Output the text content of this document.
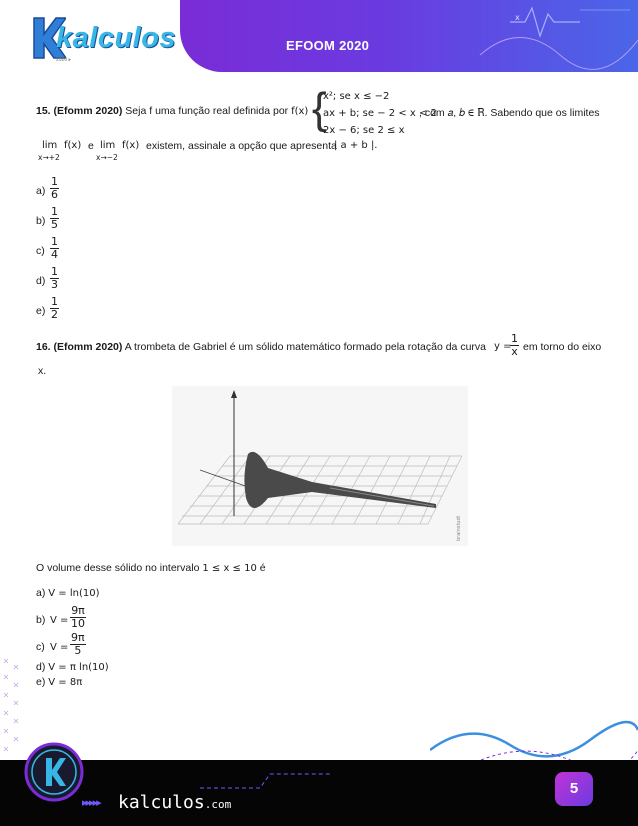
x
EFOOM 2020
kalculos
2020 ▸
15. (Efomm 2020) Seja f uma função real definida por f(x) =
{
x²; se x ≤ −2
ax + b; se − 2 < x < 2
, com 𝑎, 𝑏 ∈ ℝ. Sabendo que os limites
2x − 6; se 2 ≤ x
lim
x→+2
f(x) e lim
x→−2
f(x) existem, assinale a opção que apresenta
| a + b |.
$a) \frac{1}{6}$
$b) \frac{1}{5}$
$c) \frac{1}{4}$
$d) \frac{1}{3}$
$e) \frac{1}{2}$
16. (Efomm 2020) A trombeta de Gabriel é um sólido matemático formado pela rotação da curva y =
$\frac{1}{x}$ em torno do eixo
x.
brainstudi
O volume desse sólido no intervalo 1 ≤ x ≤ 10 é
a) V = ln(10)
b) $V = \frac{9\pi}{10}$
c) $V = \frac{9\pi}{5}$
d) V = π ln(10)
e) V = 8π
▸▸▸▸▸ kalculos.com
5
